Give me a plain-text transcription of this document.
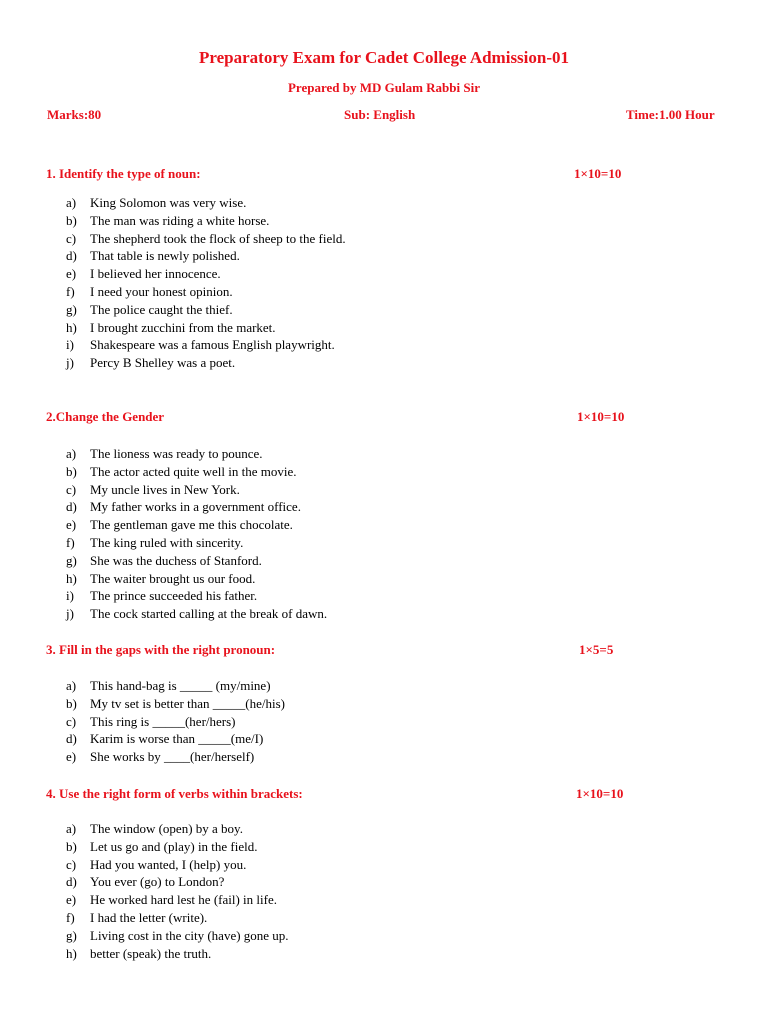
Preparatory Exam for Cadet College Admission-01
Prepared by MD Gulam Rabbi Sir
Marks:80	Sub: English	Time:1.00 Hour
1. Identify the type of noun:	1×10=10
a) King Solomon was very wise.
b) The man was riding a white horse.
c) The shepherd took the flock of sheep to the field.
d) That table is newly polished.
e) I believed her innocence.
f) I need your honest opinion.
g) The police caught the thief.
h) I brought zucchini from the market.
i) Shakespeare was a famous English playwright.
j) Percy B Shelley was a poet.
2.Change the Gender	1×10=10
a) The lioness was ready to pounce.
b) The actor acted quite well in the movie.
c) My uncle lives in New York.
d) My father works in a government office.
e) The gentleman gave me this chocolate.
f) The king ruled with sincerity.
g) She was the duchess of Stanford.
h) The waiter brought us our food.
i) The prince succeeded his father.
j) The cock started calling at the break of dawn.
3. Fill in the gaps with the right pronoun:	1×5=5
a) This hand-bag is _____ (my/mine)
b) My tv set is better than _____(he/his)
c) This ring is _____(her/hers)
d) Karim is worse than _____(me/I)
e) She works by ____(her/herself)
4. Use the right form of verbs within brackets:	1×10=10
a) The window (open) by a boy.
b) Let us go and (play) in the field.
c) Had you wanted, I (help) you.
d) You ever (go) to London?
e) He worked hard lest he (fail) in life.
f) I had the letter (write).
g) Living cost in the city (have) gone up.
h) better (speak) the truth.
